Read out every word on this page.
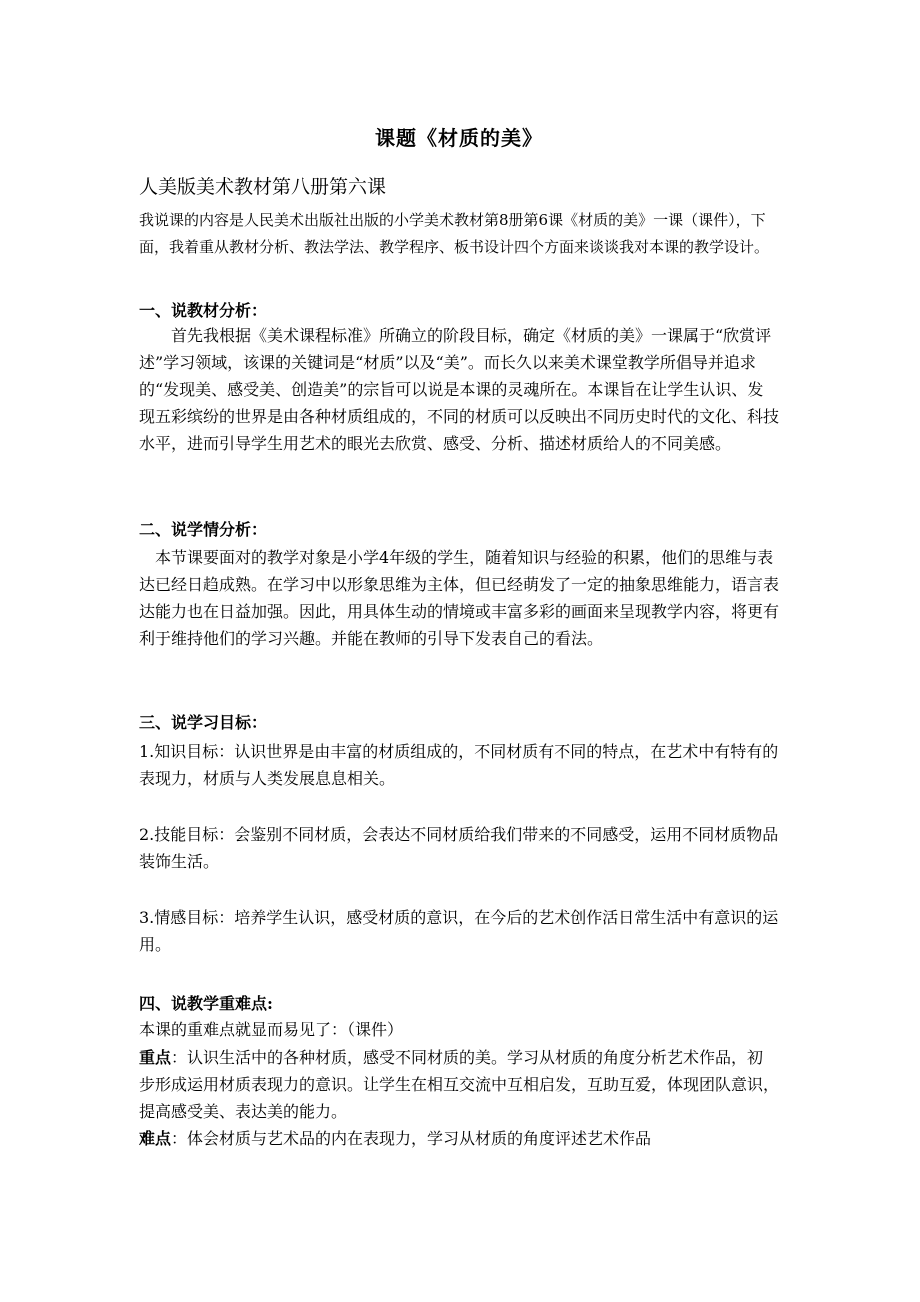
课题《材质的美》
人美版美术教材第八册第六课
我说课的内容是人民美术出版社出版的小学美术教材第8册第6课《材质的美》一课（课件），下面，我着重从教材分析、教法学法、教学程序、板书设计四个方面来谈谈我对本课的教学设计。
一、说教材分析：
首先我根据《美术课程标准》所确立的阶段目标，确定《材质的美》一课属于“欣赏评述”学习领域，该课的关键词是“材质”以及“美”。而长久以来美术课堂教学所倡导并追求的“发现美、感受美、创造美”的宗旨可以说是本课的灵魂所在。本课旨在让学生认识、发现五彩缤纷的世界是由各种材质组成的，不同的材质可以反映出不同历史时代的文化、科技水平，进而引导学生用艺术的眼光去欣赏、感受、分析、描述材质给人的不同美感。
二、说学情分析：
本节课要面对的教学对象是小学4年级的学生，随着知识与经验的积累，他们的思维与表达已经日趋成熟。在学习中以形象思维为主体，但已经萌发了一定的抽象思维能力，语言表达能力也在日益加强。因此，用具体生动的情境或丰富多彩的画面来呈现教学内容，将更有利于维持他们的学习兴趣。并能在教师的引导下发表自己的看法。
三、说学习目标：
1.知识目标：认识世界是由丰富的材质组成的，不同材质有不同的特点，在艺术中有特有的表现力，材质与人类发展息息相关。
2.技能目标：会鉴别不同材质，会表达不同材质给我们带来的不同感受，运用不同材质物品装饰生活。
3.情感目标：培养学生认识，感受材质的意识，在今后的艺术创作活日常生活中有意识的运用。
四、说教学重难点:
本课的重难点就显而易见了：（课件）
重点：认识生活中的各种材质，感受不同材质的美。学习从材质的角度分析艺术作品，初步形成运用材质表现力的意识。让学生在相互交流中互相启发，互助互爱，体现团队意识，提高感受美、表达美的能力。
难点：体会材质与艺术品的内在表现力，学习从材质的角度评述艺术作品
